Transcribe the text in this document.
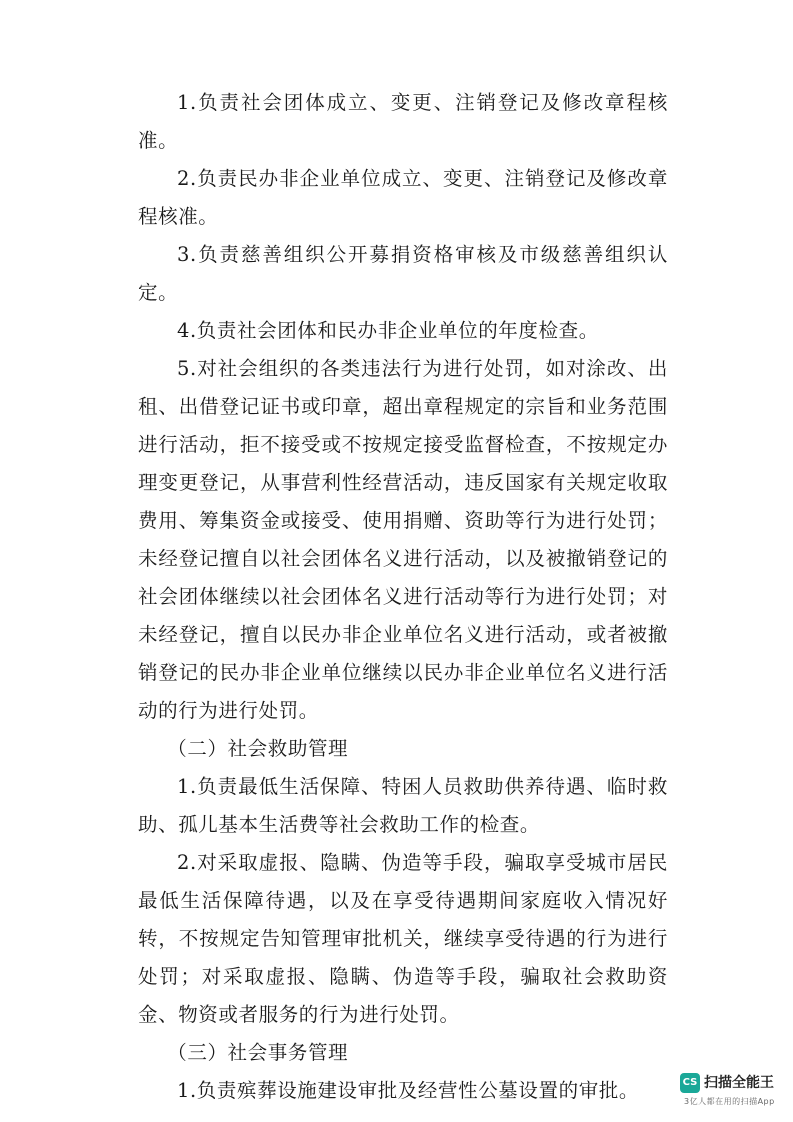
1.负责社会团体成立、变更、注销登记及修改章程核准。

2.负责民办非企业单位成立、变更、注销登记及修改章程核准。

3.负责慈善组织公开募捐资格审核及市级慈善组织认定。

4.负责社会团体和民办非企业单位的年度检查。

5.对社会组织的各类违法行为进行处罚，如对涂改、出租、出借登记证书或印章，超出章程规定的宗旨和业务范围进行活动，拒不接受或不按规定接受监督检查，不按规定办理变更登记，从事营利性经营活动，违反国家有关规定收取费用、筹集资金或接受、使用捐赠、资助等行为进行处罚；未经登记擅自以社会团体名义进行活动，以及被撤销登记的社会团体继续以社会团体名义进行活动等行为进行处罚；对未经登记，擅自以民办非企业单位名义进行活动，或者被撤销登记的民办非企业单位继续以民办非企业单位名义进行活动的行为进行处罚。

（二）社会救助管理

1.负责最低生活保障、特困人员救助供养待遇、临时救助、孤儿基本生活费等社会救助工作的检查。

2.对采取虚报、隐瞒、伪造等手段，骗取享受城市居民最低生活保障待遇，以及在享受待遇期间家庭收入情况好转，不按规定告知管理审批机关，继续享受待遇的行为进行处罚；对采取虚报、隐瞒、伪造等手段，骗取社会救助资金、物资或者服务的行为进行处罚。

（三）社会事务管理

1.负责殡葬设施建设审批及经营性公墓设置的审批。	CS 扫描全能王
3亿人都在用的扫描App
